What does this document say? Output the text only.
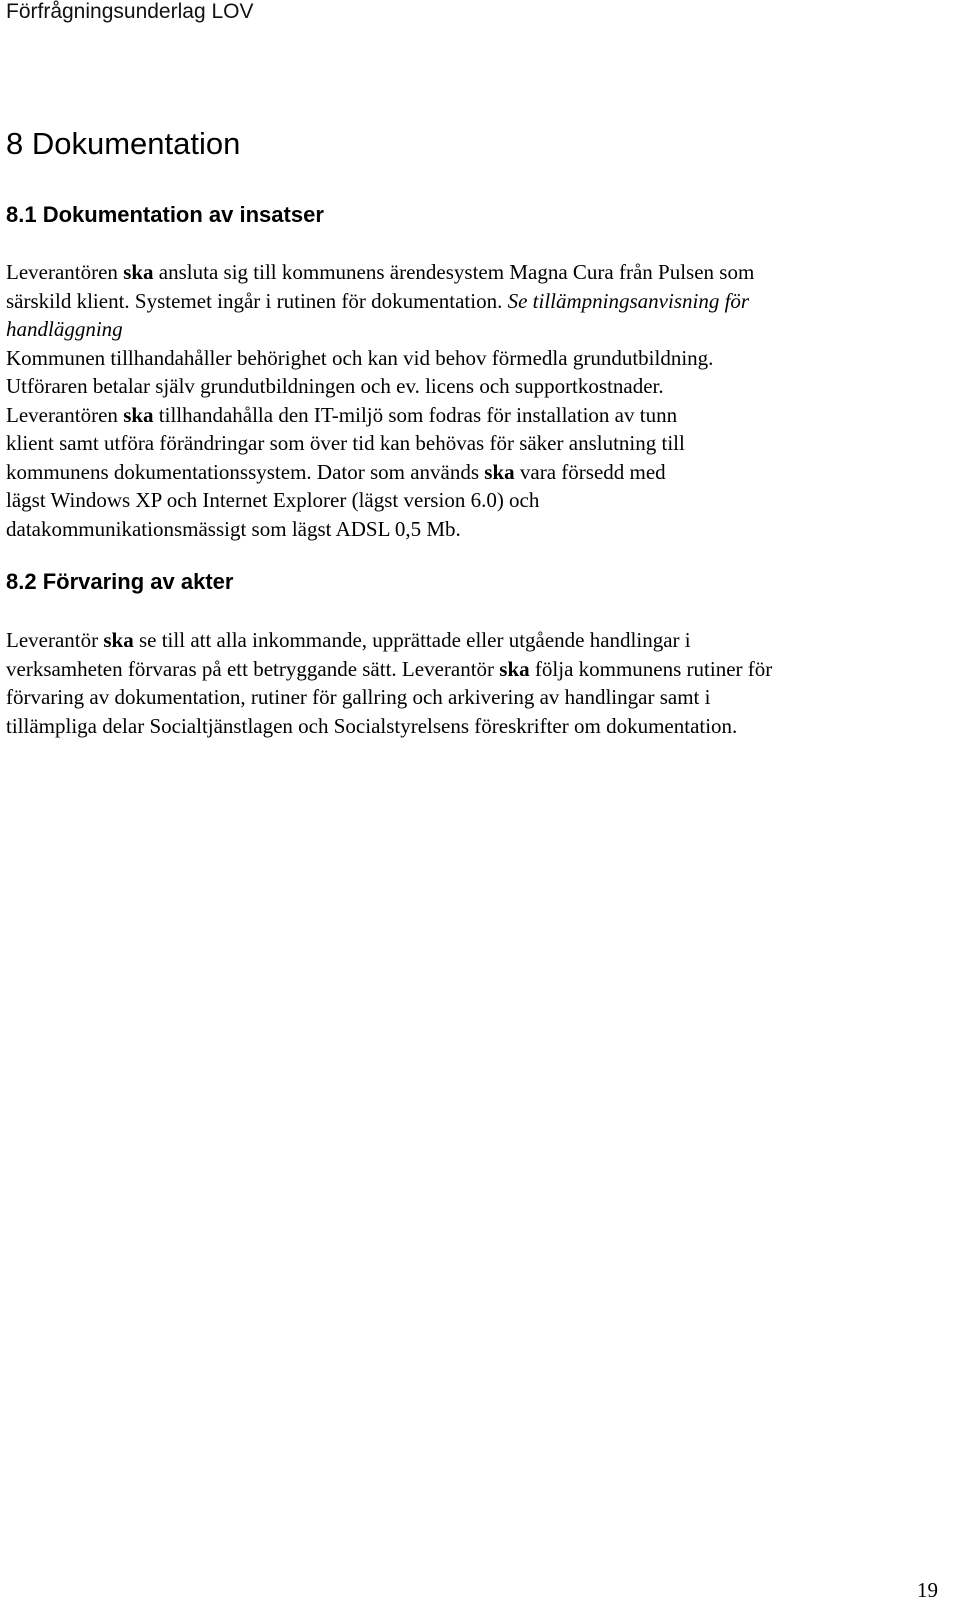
Förfrågningsunderlag LOV
8 Dokumentation
8.1 Dokumentation av insatser
Leverantören ska ansluta sig till kommunens ärendesystem Magna Cura från Pulsen som
särskild klient. Systemet ingår i rutinen för dokumentation. Se tillämpningsanvisning för
handläggning
Kommunen tillhandahåller behörighet och kan vid behov förmedla grundutbildning.
Utföraren betalar själv grundutbildningen och ev. licens och supportkostnader.
Leverantören ska tillhandahålla den IT-miljö som fodras för installation av tunn
klient samt utföra förändringar som över tid kan behövas för säker anslutning till
kommunens dokumentationssystem. Dator som används ska vara försedd med
lägst Windows XP och Internet Explorer (lägst version 6.0) och
datakommunikationsmässigt som lägst ADSL 0,5 Mb.
8.2 Förvaring av akter
Leverantör ska se till att alla inkommande, upprättade eller utgående handlingar i
verksamheten förvaras på ett betryggande sätt. Leverantör ska följa kommunens rutiner för
förvaring av dokumentation, rutiner för gallring och arkivering av handlingar samt i
tillämpliga delar Socialtjänstlagen och Socialstyrelsens föreskrifter om dokumentation.
19
